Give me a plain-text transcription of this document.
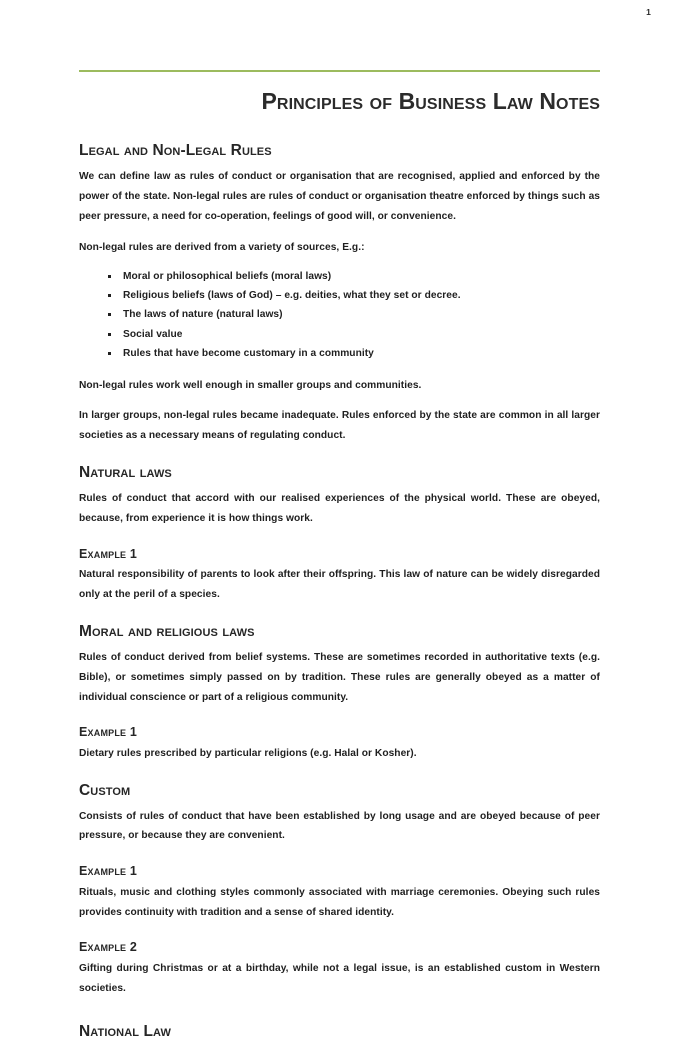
1
Principles of Business Law Notes
Legal and Non-Legal Rules

We can define law as rules of conduct or organisation that are recognised, applied and enforced by the power of the state. Non-legal rules are rules of conduct or organisation theatre enforced by things such as peer pressure, a need for co-operation, feelings of good will, or convenience.

Non-legal rules are derived from a variety of sources, E.g.:

Moral or philosophical beliefs (moral laws)
Religious beliefs (laws of God) – e.g. deities, what they set or decree.
The laws of nature (natural laws)
Social value
Rules that have become customary in a community

Non-legal rules work well enough in smaller groups and communities.

In larger groups, non-legal rules became inadequate. Rules enforced by the state are common in all larger societies as a necessary means of regulating conduct.

Natural laws

Rules of conduct that accord with our realised experiences of the physical world. These are obeyed, because, from experience it is how things work.

Example 1

Natural responsibility of parents to look after their offspring. This law of nature can be widely disregarded only at the peril of a species.

Moral and religious laws

Rules of conduct derived from belief systems. These are sometimes recorded in authoritative texts (e.g. Bible), or sometimes simply passed on by tradition. These rules are generally obeyed as a matter of individual conscience or part of a religious community.

Example 1

Dietary rules prescribed by particular religions (e.g. Halal or Kosher).

Custom

Consists of rules of conduct that have been established by long usage and are obeyed because of peer pressure, or because they are convenient.

Example 1

Rituals, music and clothing styles commonly associated with marriage ceremonies. Obeying such rules provides continuity with tradition and a sense of shared identity.

Example 2

Gifting during Christmas or at a birthday, while not a legal issue, is an established custom in Western societies.

National Law
